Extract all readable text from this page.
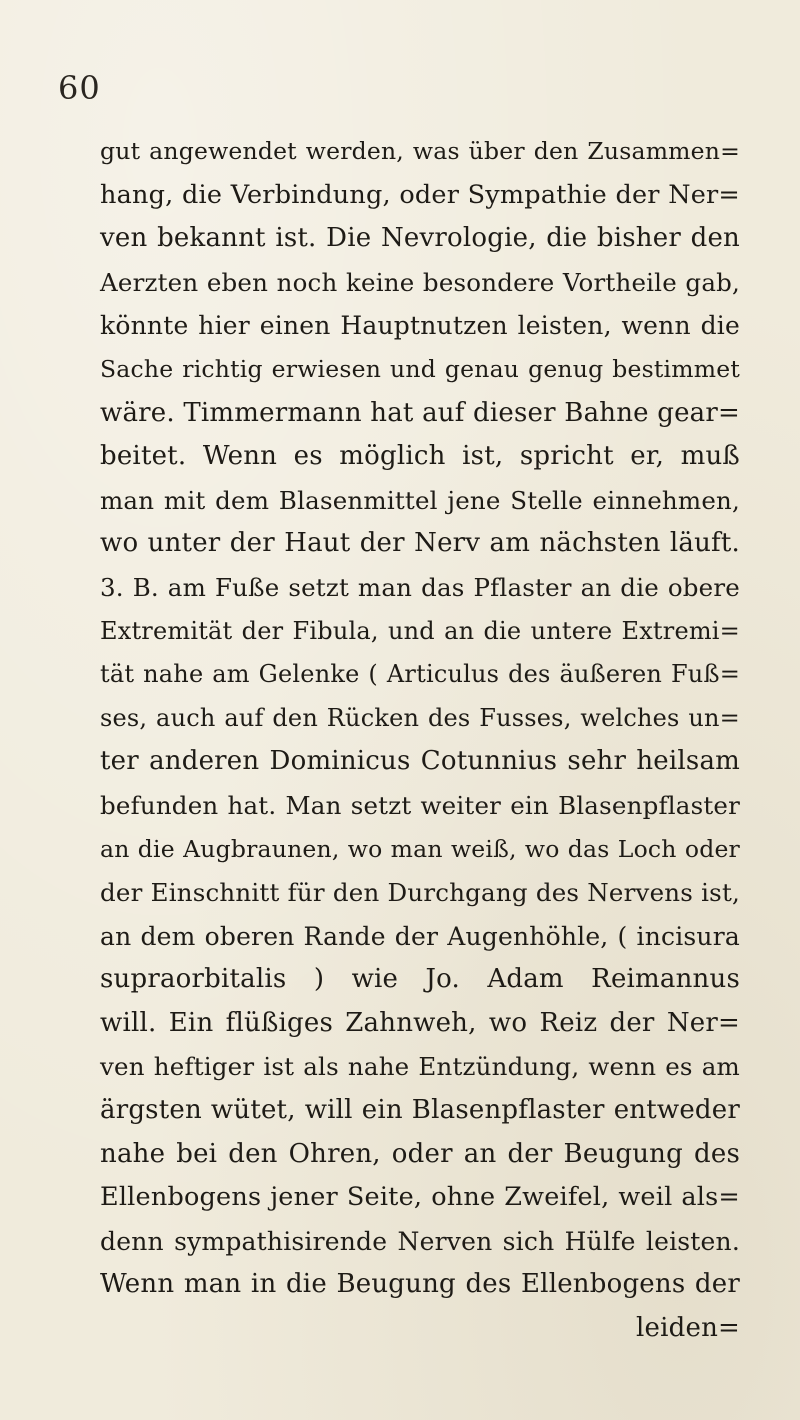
60
gut angewendet werden, was über den Zusammen=
hang, die Verbindung, oder Sympathie der Ner=
ven bekannt ist. Die Nevrologie, die bisher den
Aerzten eben noch keine besondere Vortheile gab,
könnte hier einen Hauptnutzen leisten, wenn die
Sache richtig erwiesen und genau genug bestimmet
wäre. Timmermann hat auf dieser Bahne gear=
beitet. Wenn es möglich ist, spricht er, muß
man mit dem Blasenmittel jene Stelle einnehmen,
wo unter der Haut der Nerv am nächsten läuft.
3. B. am Fuße setzt man das Pflaster an die obere
Extremität der Fibula, und an die untere Extremi=
tät nahe am Gelenke ( Articulus des äußeren Fuß=
ses, auch auf den Rücken des Fusses, welches un=
ter anderen Dominicus Cotunnius sehr heilsam
befunden hat. Man setzt weiter ein Blasenpflaster
an die Augbraunen, wo man weiß, wo das Loch oder
der Einschnitt für den Durchgang des Nervens ist,
an dem oberen Rande der Augenhöhle, ( incisura
supraorbitalis ) wie Jo. Adam Reimannus
will. Ein flüßiges Zahnweh, wo Reiz der Ner=
ven heftiger ist als nahe Entzündung, wenn es am
ärgsten wütet, will ein Blasenpflaster entweder
nahe bei den Ohren, oder an der Beugung des
Ellenbogens jener Seite, ohne Zweifel, weil als=
denn sympathisirende Nerven sich Hülfe leisten.
Wenn man in die Beugung des Ellenbogens der
leiden=
